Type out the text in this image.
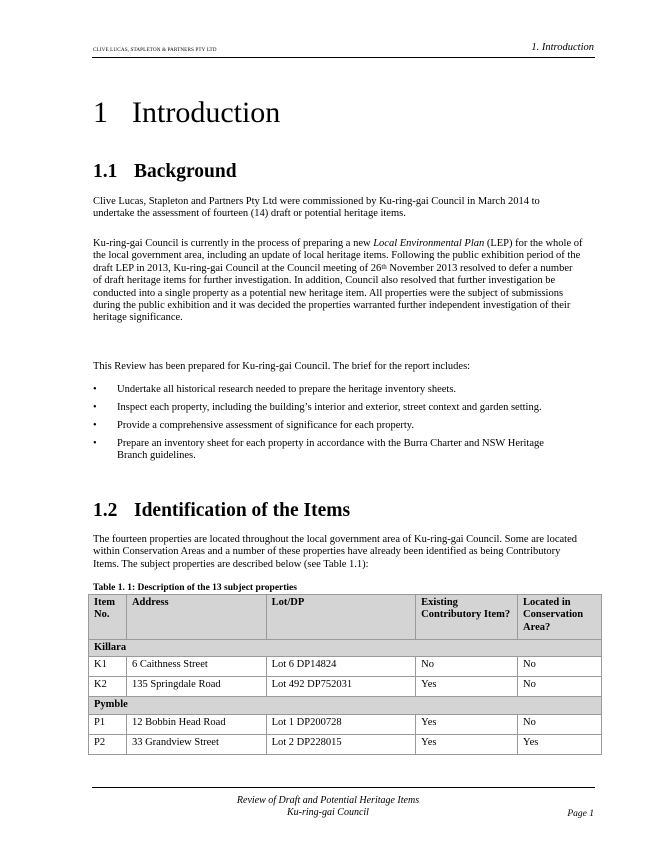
CLIVE LUCAS, STAPLETON & PARTNERS PTY LTD	1. Introduction
1 Introduction
1.1 Background

Clive Lucas, Stapleton and Partners Pty Ltd were commissioned by Ku-ring-gai Council in March 2014 to undertake the assessment of fourteen (14) draft or potential heritage items.

Ku-ring-gai Council is currently in the process of preparing a new Local Environmental Plan (LEP) for the whole of the local government area, including an update of local heritage items. Following the public exhibition period of the draft LEP in 2013, Ku-ring-gai Council at the Council meeting of 26th November 2013 resolved to defer a number of draft heritage items for further investigation. In addition, Council also resolved that further investigation be conducted into a single property as a potential new heritage item. All properties were the subject of submissions during the public exhibition and it was decided the properties warranted further independent investigation of their heritage significance.

This Review has been prepared for Ku-ring-gai Council. The brief for the report includes:

• Undertake all historical research needed to prepare the heritage inventory sheets.
• Inspect each property, including the building’s interior and exterior, street context and garden setting.
• Provide a comprehensive assessment of significance for each property.
• Prepare an inventory sheet for each property in accordance with the Burra Charter and NSW Heritage Branch guidelines.
1.2 Identification of the Items

The fourteen properties are located throughout the local government area of Ku-ring-gai Council. Some are located within Conservation Areas and a number of these properties have already been identified as being Contributory Items. The subject properties are described below (see Table 1.1):

Table 1. 1: Description of the 13 subject properties
Item No.	Address	Lot/DP	Existing Contributory Item?	Located in Conservation Area?
Killara				
K1	6 Caithness Street	Lot 6 DP14824	No	No
K2	135 Springdale Road	Lot 492 DP752031	Yes	No
Pymble				
P1	12 Bobbin Head Road	Lot 1 DP200728	Yes	No
P2	33 Grandview Street	Lot 2 DP228015	Yes	Yes
Review of Draft and Potential Heritage Items
Ku-ring-gai Council	Page 1
